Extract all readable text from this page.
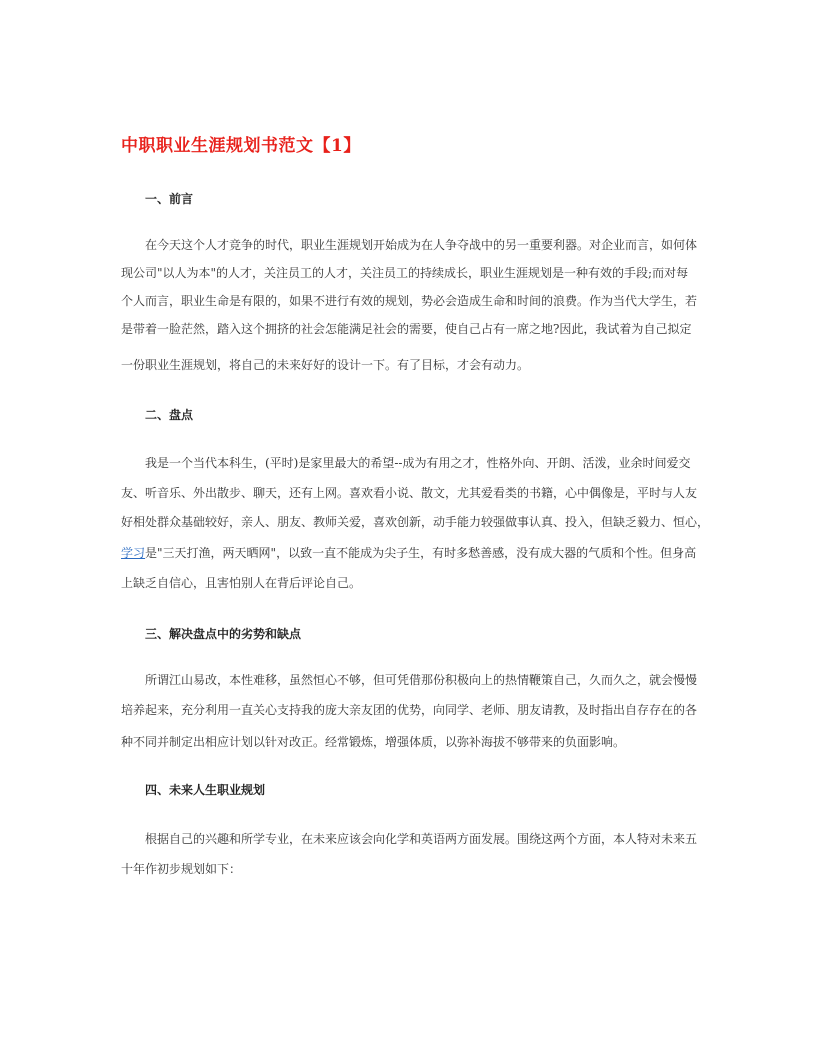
中职职业生涯规划书范文【1】
一、前言
在今天这个人才竞争的时代，职业生涯规划开始成为在人争夺战中的另一重要利器。对企业而言，如何体
现公司"以人为本"的人才，关注员工的人才，关注员工的持续成长，职业生涯规划是一种有效的手段;而对每
个人而言，职业生命是有限的，如果不进行有效的规划，势必会造成生命和时间的浪费。作为当代大学生，若
是带着一脸茫然，踏入这个拥挤的社会怎能满足社会的需要，使自己占有一席之地?因此，我试着为自己拟定
一份职业生涯规划，将自己的未来好好的设计一下。有了目标，才会有动力。
二、盘点
我是一个当代本科生，(平时)是家里最大的希望--成为有用之才，性格外向、开朗、活泼，业余时间爱交
友、听音乐、外出散步、聊天，还有上网。喜欢看小说、散文，尤其爱看类的书籍，心中偶像是，平时与人友
好相处群众基础较好，亲人、朋友、教师关爱，喜欢创新，动手能力较强做事认真、投入，但缺乏毅力、恒心，
学习是"三天打渔，两天晒网"，以致一直不能成为尖子生，有时多愁善感，没有成大器的气质和个性。但身高
上缺乏自信心，且害怕别人在背后评论自己。
三、解决盘点中的劣势和缺点
所谓江山易改，本性难移，虽然恒心不够，但可凭借那份积极向上的热情鞭策自己，久而久之，就会慢慢
培养起来，充分利用一直关心支持我的庞大亲友团的优势，向同学、老师、朋友请教，及时指出自存存在的各
种不同并制定出相应计划以针对改正。经常锻炼，增强体质，以弥补海拔不够带来的负面影响。
四、未来人生职业规划
根据自己的兴趣和所学专业，在未来应该会向化学和英语两方面发展。围绕这两个方面，本人特对未来五
十年作初步规划如下：
